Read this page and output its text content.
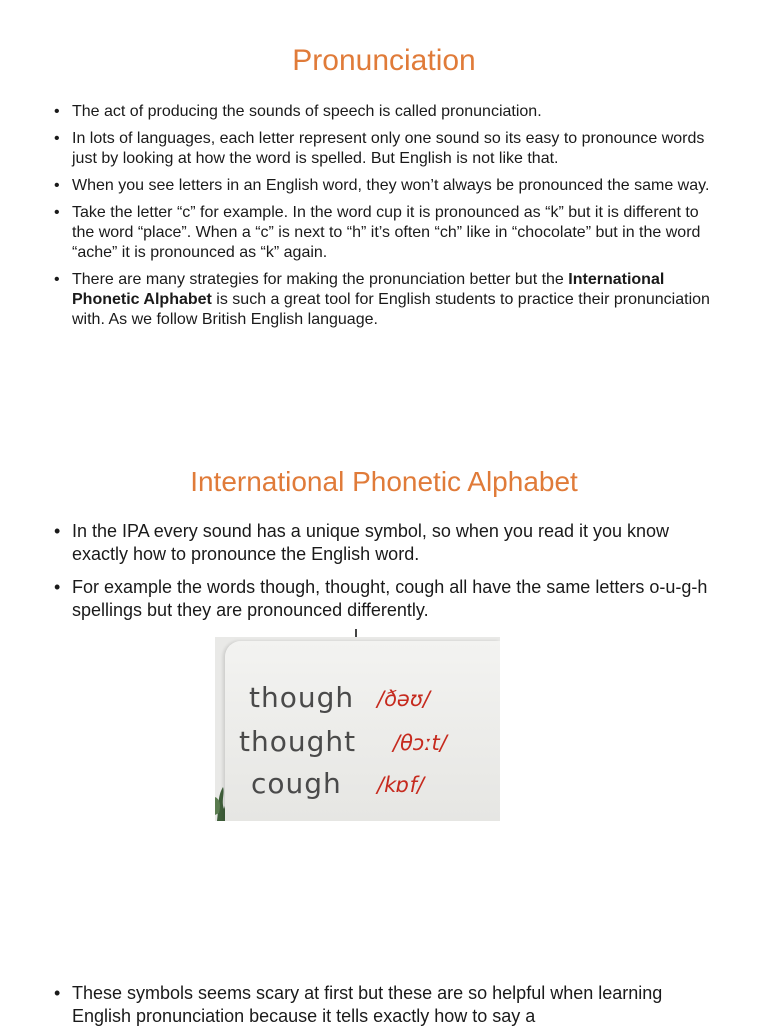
Pronunciation
• The act of producing the sounds of speech is called pronunciation.
• In lots of languages, each letter represent only one sound so its easy to pronounce words just by looking at how the word is spelled. But English is not like that.
• When you see letters in an English word, they won’t always be pronounced the same way.
• Take the letter “c” for example. In the word cup it is pronounced as “k” but it is different to the word “place”. When a “c” is next to “h” it’s often “ch” like in “chocolate” but in the word “ache” it is pronounced as “k” again.
• There are many strategies for making the pronunciation better but the International Phonetic Alphabet is such a great tool for English students to practice their pronunciation with. As we follow British English language.
International Phonetic Alphabet
• In the IPA every sound has a unique symbol, so when you read it you know exactly how to pronounce the English word.
• For example the words though, thought, cough all have the same letters o-u-g-h spellings but they are pronounced differently.
though /ðəʊ/
thought /θɔːt/
cough /kɒf/
• These symbols seems scary at first but these are so helpful when learning English pronunciation because it tells exactly how to say a
